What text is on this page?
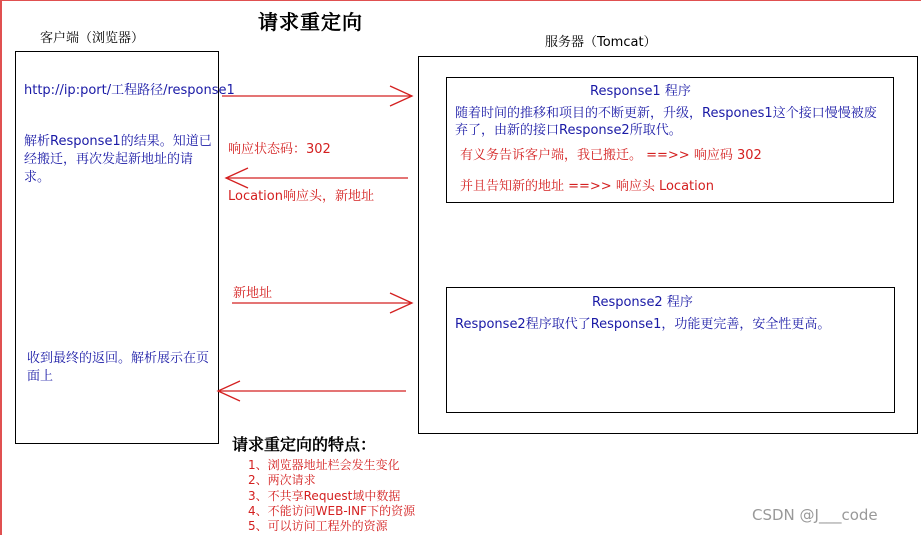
请求重定向
客户端（浏览器）	服务器（Tomcat）
http://ip:port/工程路径/response1
解析Response1的结果。知道已经搬迁，再次发起新地址的请求。
收到最终的返回。解析展示在页面上
Response1 程序
随着时间的推移和项目的不断更新，升级，Respones1这个接口慢慢被废弃了，由新的接口Response2所取代。
有义务告诉客户端，我已搬迁。 ==>> 响应码 302
并且告知新的地址 ==>> 响应头 Location
Response2 程序
Response2程序取代了Response1，功能更完善，安全性更高。
响应状态码：302
Location响应头，新地址
新地址
请求重定向的特点：
1、浏览器地址栏会发生变化
2、两次请求
3、不共享Request域中数据
4、不能访问WEB-INF下的资源
5、可以访问工程外的资源
CSDN @J___code
